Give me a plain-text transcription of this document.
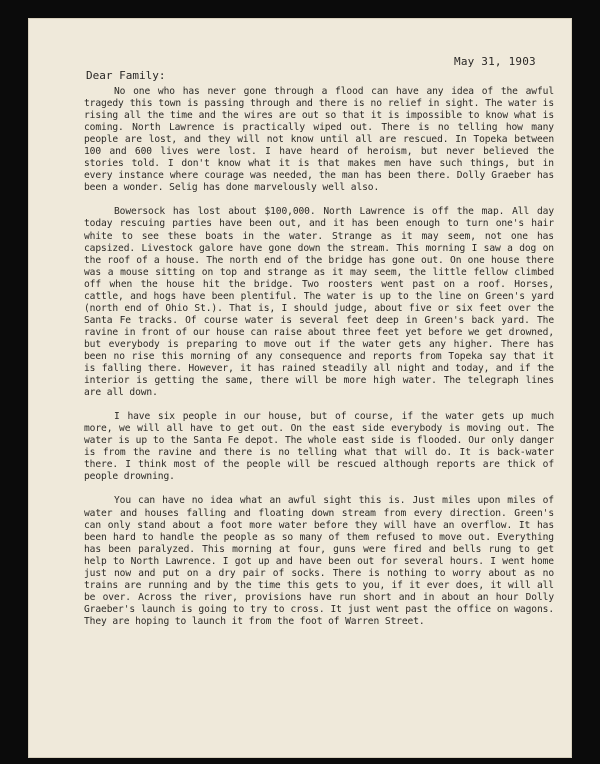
May 31, 1903
Dear Family:

No one who has never gone through a flood can have any idea of the awful tragedy this town is passing through and there is no relief in sight. The water is rising all the time and the wires are out so that it is impossible to know what is coming. North Lawrence is practically wiped out. There is no telling how many people are lost, and they will not know until all are rescued. In Topeka between 100 and 600 lives were lost. I have heard of heroism, but never believed the stories told. I don't know what it is that makes men have such things, but in every instance where courage was needed, the man has been there. Dolly Graeber has been a wonder. Selig has done marvelously well also.

Bowersock has lost about $100,000. North Lawrence is off the map. All day today rescuing parties have been out, and it has been enough to turn one's hair white to see these boats in the water. Strange as it may seem, not one has capsized. Livestock galore have gone down the stream. This morning I saw a dog on the roof of a house. The north end of the bridge has gone out. On one house there was a mouse sitting on top and strange as it may seem, the little fellow climbed off when the house hit the bridge. Two roosters went past on a roof. Horses, cattle, and hogs have been plentiful. The water is up to the line on Green's yard (north end of Ohio St.). That is, I should judge, about five or six feet over the Santa Fe tracks. Of course water is several feet deep in Green's back yard. The ravine in front of our house can raise about three feet yet before we get drowned, but everybody is preparing to move out if the water gets any higher. There has been no rise this morning of any consequence and reports from Topeka say that it is falling there. However, it has rained steadily all night and today, and if the interior is getting the same, there will be more high water. The telegraph lines are all down.

I have six people in our house, but of course, if the water gets up much more, we will all have to get out. On the east side everybody is moving out. The water is up to the Santa Fe depot. The whole east side is flooded. Our only danger is from the ravine and there is no telling what that will do. It is back-water there. I think most of the people will be rescued although reports are thick of people drowning.

You can have no idea what an awful sight this is. Just miles upon miles of water and houses falling and floating down stream from every direction. Green's can only stand about a foot more water before they will have an overflow. It has been hard to handle the people as so many of them refused to move out. Everything has been paralyzed. This morning at four, guns were fired and bells rung to get help to North Lawrence. I got up and have been out for several hours. I went home just now and put on a dry pair of socks. There is nothing to worry about as no trains are running and by the time this gets to you, if it ever does, it will all be over. Across the river, provisions have run short and in about an hour Dolly Graeber's launch is going to try to cross. It just went past the office on wagons. They are hoping to launch it from the foot of Warren Street.
